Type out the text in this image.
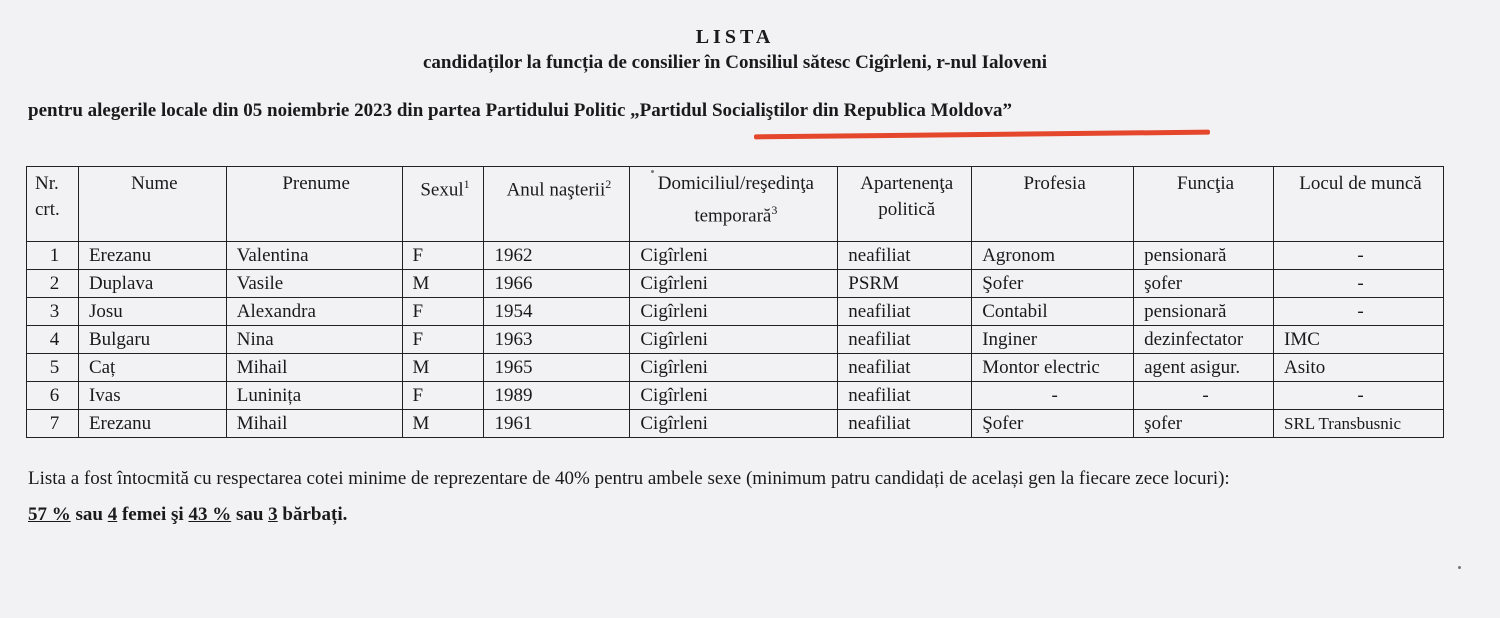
LISTA
candidaților la funcția de consilier în Consiliul sătesc Cigîrleni, r-nul Ialoveni
pentru alegerile locale din 05 noiembrie 2023 din partea Partidului Politic „Partidul Socialiştilor din Republica Moldova”
Nr. crt.	Nume	Prenume	Sexul$^1$	Anul naşterii$^2$	Domiciliul/reşedinţa temporară$^3$	Apartenenţa politică	Profesia	Funcţia	Locul de muncă
1	Erezanu	Valentina	F	1962	Cigîrleni	neafiliat	Agronom	pensionară	-
2	Duplava	Vasile	M	1966	Cigîrleni	PSRM	Şofer	şofer	-
3	Josu	Alexandra	F	1954	Cigîrleni	neafiliat	Contabil	pensionară	-
4	Bulgaru	Nina	F	1963	Cigîrleni	neafiliat	Inginer	dezinfectator	IMC
5	Caț	Mihail	M	1965	Cigîrleni	neafiliat	Montor electric	agent asigur.	Asito
6	Ivas	Luninița	F	1989	Cigîrleni	neafiliat	-	-	-
7	Erezanu	Mihail	M	1961	Cigîrleni	neafiliat	Şofer	şofer	SRL Transbusnic
Lista a fost întocmită cu respectarea cotei minime de reprezentare de 40% pentru ambele sexe (minimum patru candidați de același gen la fiecare zece locuri):
57 % sau 4 femei şi 43 % sau 3 bărbați.
